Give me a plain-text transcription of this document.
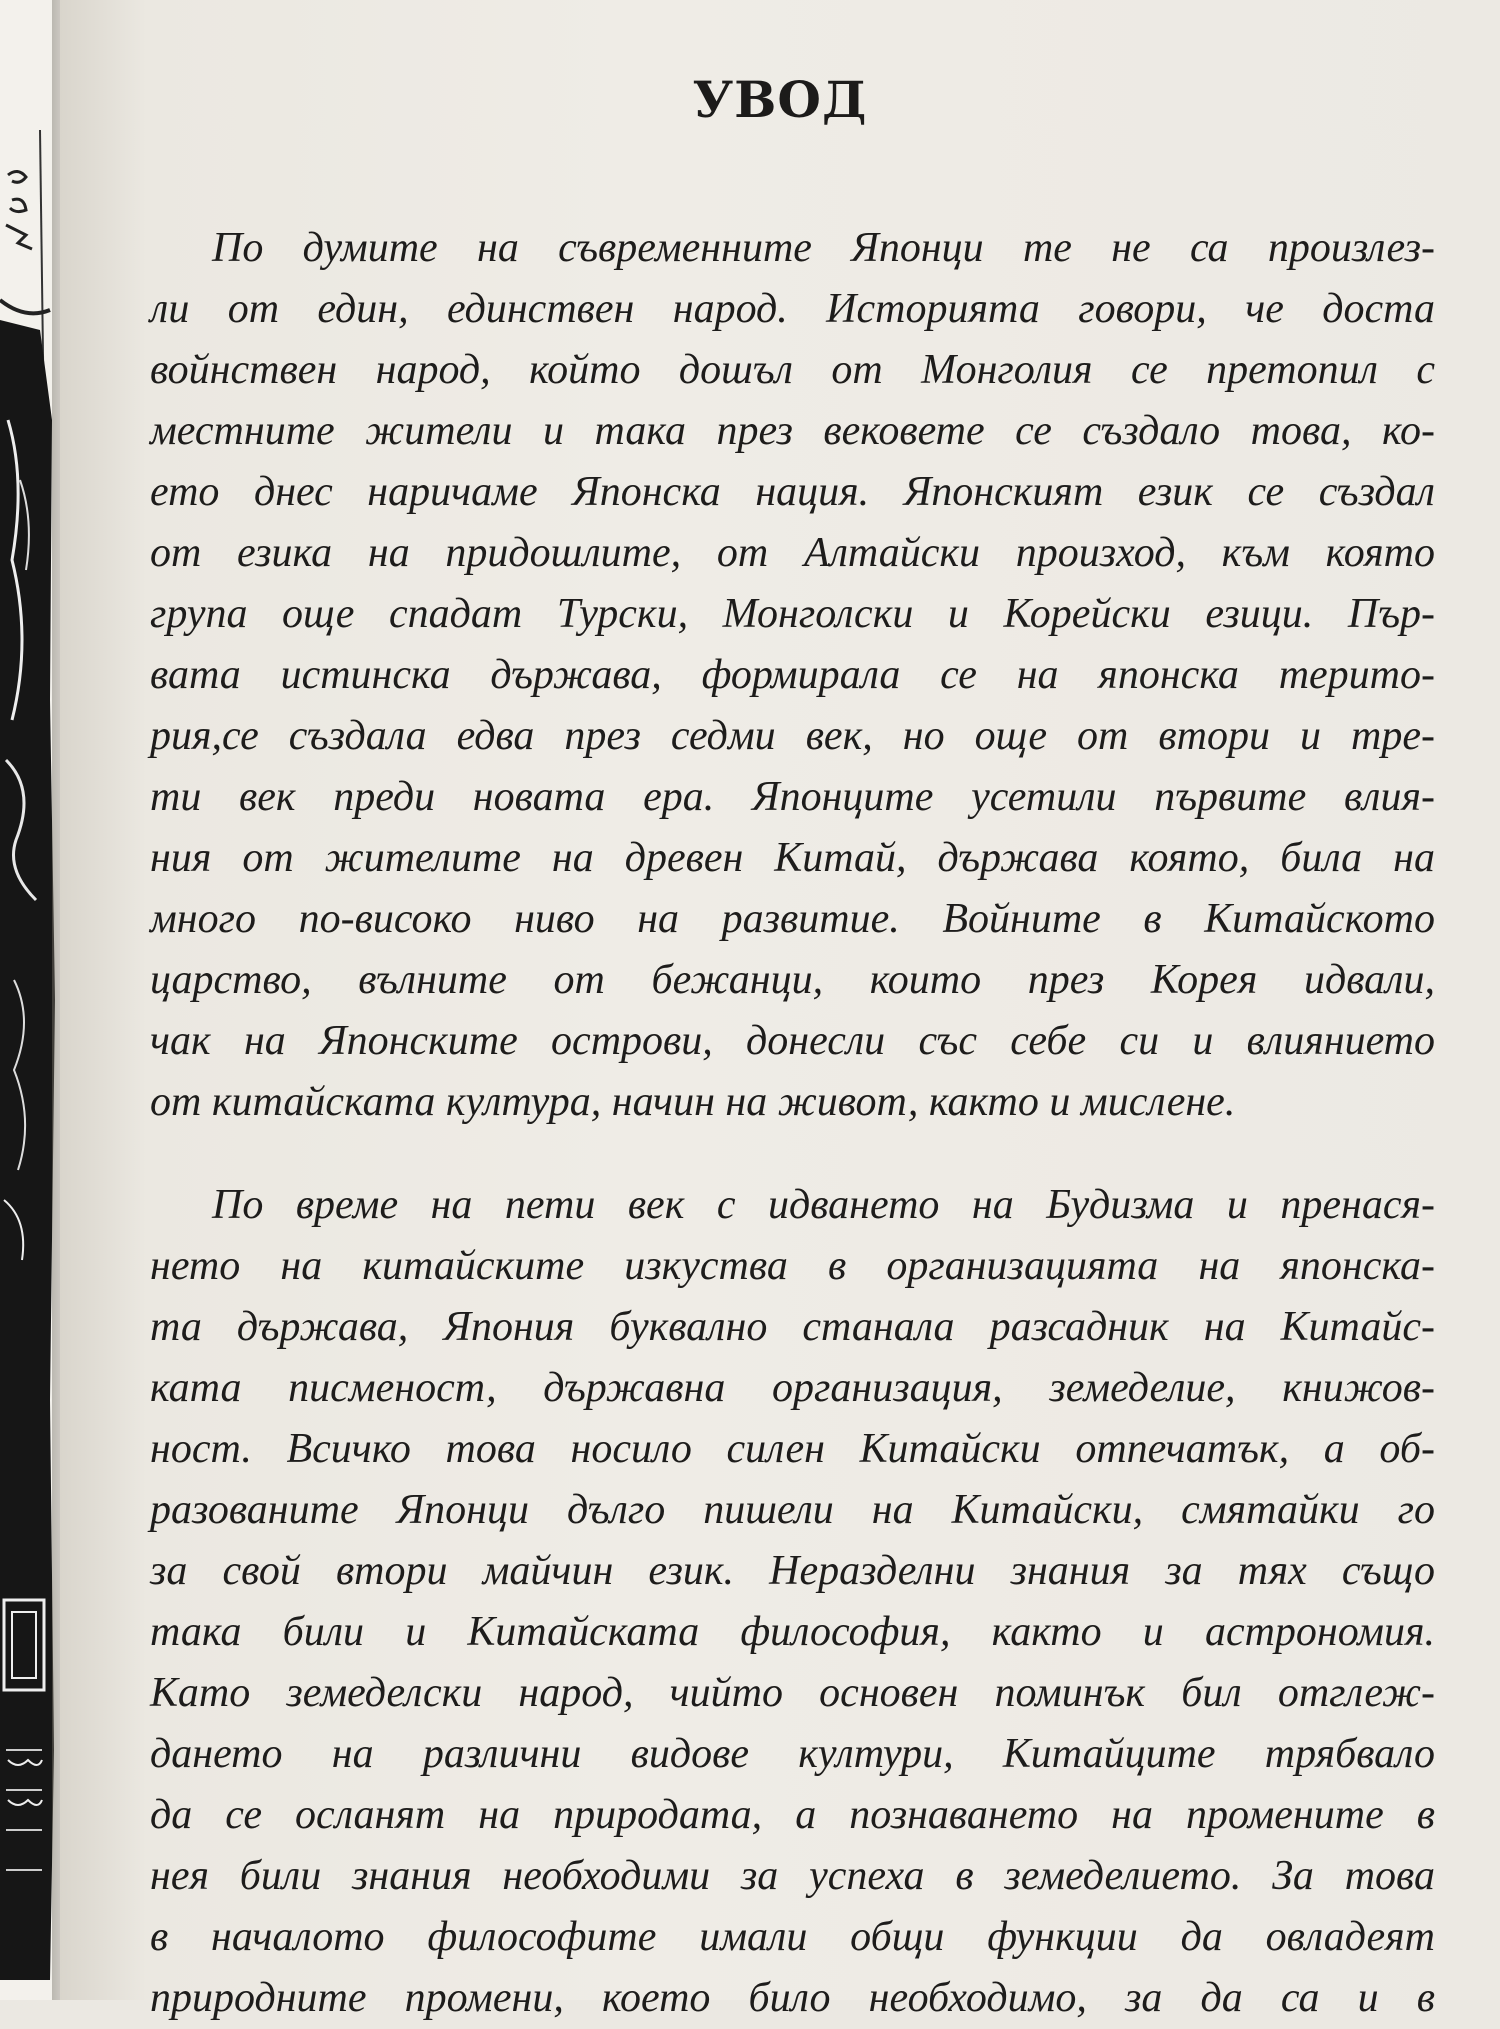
УВОД
По думите на съвременните Японци те не са произлез-
ли от един, единствен народ. Историята говори, че доста
войнствен народ, който дошъл от Монголия се претопил с
местните жители и така през вековете се създало това, ко-
ето днес наричаме Японска нация. Японският език се създал
от езика на придошлите, от Алтайски произход, към която
група още спадат Турски, Монголски и Корейски езици. Пър-
вата истинска държава, формирала се на японска терито-
рия,се създала едва през седми век, но още от втори и тре-
ти век преди новата ера. Японците усетили първите влия-
ния от жителите на древен Китай, държава която, била на
много по-високо ниво на развитие. Войните в Китайското
царство, вълните от бежанци, които през Корея идвали,
чак на Японските острови, донесли със себе си и влиянието
от китайската култура, начин на живот, както и мислене.
По време на пети век с идването на Будизма и пренася-
нето на китайските изкуства в организацията на японска-
та държава, Япония буквално станала разсадник на Китайс-
ката писменост, държавна организация, земеделие, книжов-
ност. Всичко това носило силен Китайски отпечатък, а об-
разованите Японци дълго пишели на Китайски, смятайки го
за свой втори майчин език. Неразделни знания за тях също
така били и Китайската философия, както и астрономия.
Като земеделски народ, чийто основен поминък бил отглеж-
дането на различни видове култури, Китайците трябвало
да се осланят на природата, а познаването на промените в
нея били знания необходими за успеха в земеделието. За това
в началото философите имали общи функции да овладеят
природните промени, което било необходимо, за да са и в
